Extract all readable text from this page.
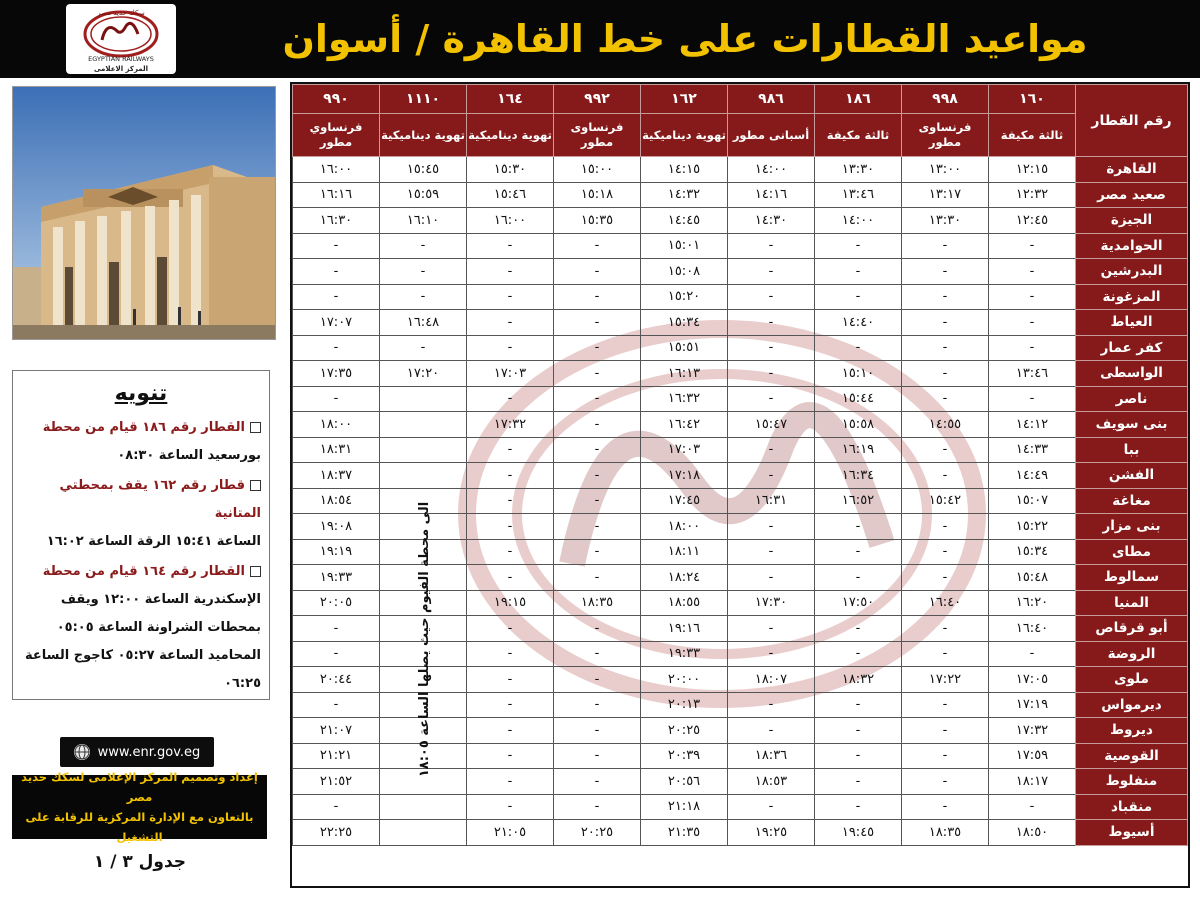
سكك حديد مصر
EGYPTIAN RAILWAYS
المركز الاعلامى
مواعيد القطارات على خط القاهرة / أسوان
تنويه
القطار رقم ١٨٦ قيام من محطة
بورسعيد الساعة ٠٨:٣٠
قطار رقم ١٦٢ يقف بمحطتي المتانية
الساعة ١٥:٤١ الرقة الساعة ١٦:٠٢
القطار رقم ١٦٤ قيام من محطة
الإسكندرية الساعة ١٢:٠٠ ويقف بمحطات الشراونة الساعة ٠٥:٠٥ المحاميد الساعة ٠٥:٢٧ كاجوج الساعة ٠٦:٢٥
www.enr.gov.eg
إعداد وتصميم المركز الإعلامى لسكك حديد مصر
بالتعاون مع الإدارة المركزية للرقابة على التشغيل
جدول ٣ / ١
رقم القطار	١٦٠	٩٩٨	١٨٦	٩٨٦	١٦٢	٩٩٢	١٦٤	١١١٠	٩٩٠
	ثالثة مكيفة	فرنساوى مطور	ثالثة مكيفة	أسبانى مطور	تهوية ديناميكية	فرنساوى مطور	تهوية ديناميكية	تهوية ديناميكية	فرنساوي مطور
القاهرة	١٢:١٥	١٣:٠٠	١٣:٣٠	١٤:٠٠	١٤:١٥	١٥:٠٠	١٥:٣٠	١٥:٤٥	١٦:٠٠
صعيد مصر	١٢:٣٢	١٣:١٧	١٣:٤٦	١٤:١٦	١٤:٣٢	١٥:١٨	١٥:٤٦	١٥:٥٩	١٦:١٦
الجيزة	١٢:٤٥	١٣:٣٠	١٤:٠٠	١٤:٣٠	١٤:٤٥	١٥:٣٥	١٦:٠٠	١٦:١٠	١٦:٣٠
الحوامدية	-	-	-	-	١٥:٠١	-	-	-	-
البدرشين	-	-	-	-	١٥:٠٨	-	-	-	-
المزغونة	-	-	-	-	١٥:٢٠	-	-	-	-
العياط	-	-	١٤:٤٠	-	١٥:٣٤	-	-	١٦:٤٨	١٧:٠٧
كفر عمار	-	-	-	-	١٥:٥١	-	-	-	-
الواسطى	١٣:٤٦	-	١٥:١٠	-	١٦:١٣	-	١٧:٠٣	١٧:٢٠	١٧:٣٥
ناصر	-	-	١٥:٤٤	-	١٦:٣٢	-	-		-
بنى سويف	١٤:١٢	١٤:٥٥	١٥:٥٨	١٥:٤٧	١٦:٤٢	-	١٧:٣٢		١٨:٠٠
ببا	١٤:٣٣	-	١٦:١٩	-	١٧:٠٣	-	-		١٨:٣١
الفشن	١٤:٤٩	-	١٦:٣٤	-	١٧:١٨	-	-		١٨:٣٧
مغاغة	١٥:٠٧	١٥:٤٢	١٦:٥٢	١٦:٣١	١٧:٤٥	-	-		١٨:٥٤
بنى مزار	١٥:٢٢	-	-	-	١٨:٠٠	-	-		١٩:٠٨
مطاى	١٥:٣٤	-	-	-	١٨:١١	-	-		١٩:١٩
سمالوط	١٥:٤٨	-	-	-	١٨:٢٤	-	-		١٩:٣٣
المنيا	١٦:٢٠	١٦:٤٠	١٧:٥٠	١٧:٣٠	١٨:٥٥	١٨:٣٥	١٩:١٥		٢٠:٠٥
أبو قرقاص	١٦:٤٠	-	-	-	١٩:١٦	-	-		-
الروضة	-	-	-	-	١٩:٣٣	-	-		-
ملوى	١٧:٠٥	١٧:٢٢	١٨:٣٢	١٨:٠٧	٢٠:٠٠	-	-		٢٠:٤٤
ديرمواس	١٧:١٩	-	-	-	٢٠:١٣	-	-		-
ديروط	١٧:٣٢	-	-	-	٢٠:٢٥	-	-		٢١:٠٧
القوصية	١٧:٥٩	-	-	١٨:٣٦	٢٠:٣٩	-	-		٢١:٢١
منفلوط	١٨:١٧	-	-	١٨:٥٣	٢٠:٥٦	-	-		٢١:٥٢
منقباد	-	-	-	-	٢١:١٨	-	-		-
أسيوط	١٨:٥٠	١٨:٣٥	١٩:٤٥	١٩:٢٥	٢١:٣٥	٢٠:٢٥	٢١:٠٥		٢٢:٢٥
الى محطة الفيوم حيث يصلها الساعة ١٨:٠٥
